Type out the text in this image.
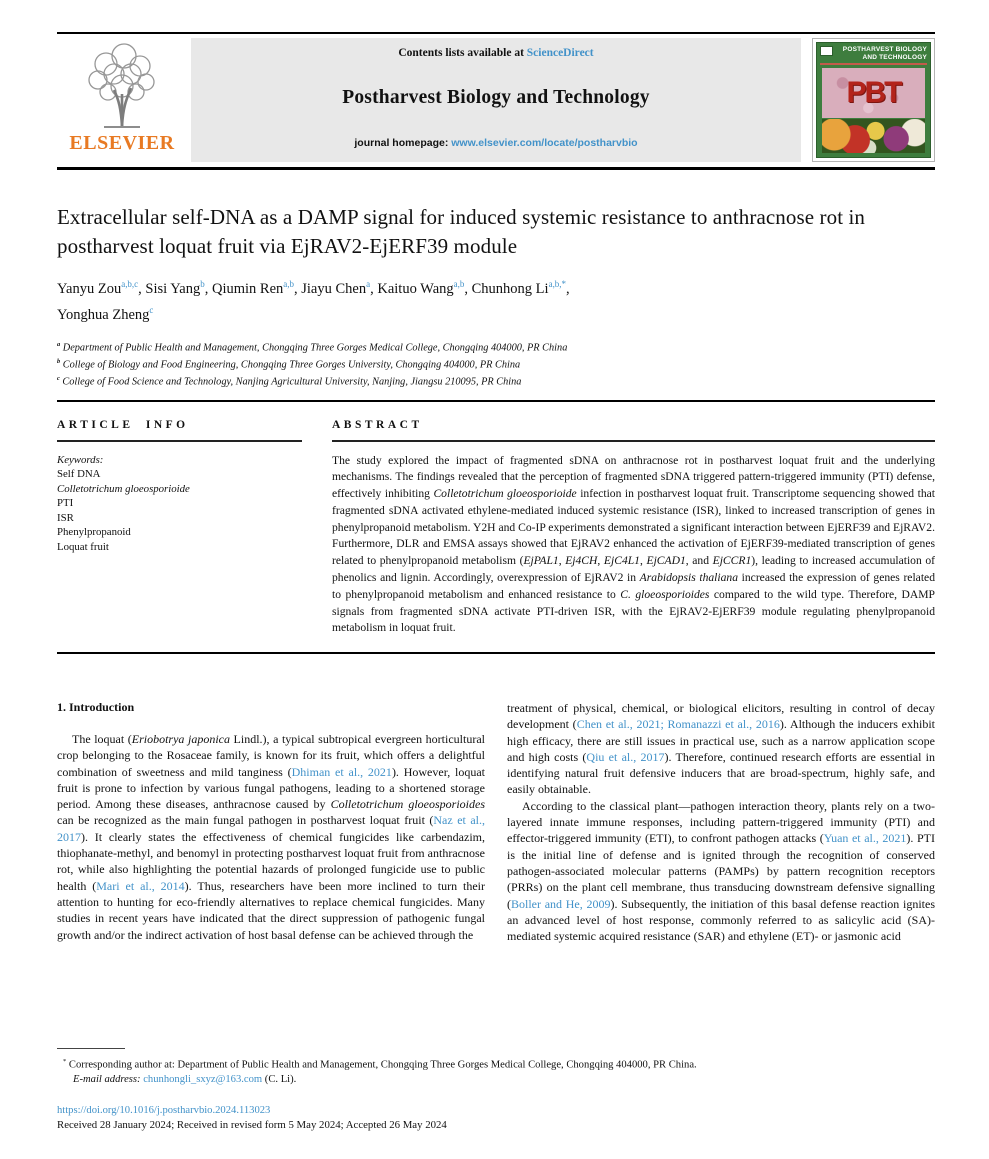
ELSEVIER
Contents lists available at ScienceDirect
Postharvest Biology and Technology
journal homepage: www.elsevier.com/locate/postharvbio
POSTHARVEST BIOLOGY AND TECHNOLOGY
PBT
Extracellular self-DNA as a DAMP signal for induced systemic resistance to anthracnose rot in postharvest loquat fruit via EjRAV2-EjERF39 module
Yanyu Zou$^{a,b,c}$, Sisi Yang$^b$, Qiumin Ren$^{a,b}$, Jiayu Chen$^a$, Kaituo Wang$^{a,b}$, Chunhong $Li^{a,b,*}$,
Yonghua Zheng$^c$
$^a$ Department of Public Health and Management, Chongqing Three Gorges Medical College, Chongqing 404000, PR China
$^b$ College of Biology and Food Engineering, Chongqing Three Gorges University, Chongqing 404000, PR China
$^c$ College of Food Science and Technology, Nanjing Agricultural University, Nanjing, Jiangsu 210095, PR China
ARTICLE INFO
Keywords:
Self DNA
Colletotrichum gloeosporioide
PTI
ISR
Phenylpropanoid
Loquat fruit
ABSTRACT
The study explored the impact of fragmented sDNA on anthracnose rot in postharvest loquat fruit and the underlying mechanisms. The findings revealed that the perception of fragmented sDNA triggered pattern-triggered immunity (PTI) defense, effectively inhibiting Colletotrichum gloeosporioide infection in postharvest loquat fruit. Transcriptome sequencing showed that fragmented sDNA activated ethylene-mediated induced systemic resistance (ISR), linked to increased transcription of genes in phenylpropanoid metabolism. Y2H and Co-IP experiments demonstrated a significant interaction between EjERF39 and EjRAV2. Furthermore, DLR and EMSA assays showed that EjRAV2 enhanced the activation of EjERF39-mediated transcription of genes related to phenylpropanoid metabolism (EjPAL1, Ej4CH, EjC4L1, EjCAD1, and EjCCR1), leading to increased accumulation of phenolics and lignin. Accordingly, overexpression of EjRAV2 in Arabidopsis thaliana increased the expression of genes related to phenylpropanoid metabolism and enhanced resistance to C. gloeosporioides compared to the wild type. Therefore, DAMP signals from fragmented sDNA activate PTI-driven ISR, with the EjRAV2-EjERF39 module regulating phenylpropanoid metabolism in loquat fruit.
1. Introduction

The loquat (Eriobotrya japonica Lindl.), a typical subtropical evergreen horticultural crop belonging to the Rosaceae family, is known for its fruit, which offers a delightful combination of sweetness and mild tanginess (Dhiman et al., 2021). However, loquat fruit is prone to infection by various fungal pathogens, leading to a shortened storage period. Among these diseases, anthracnose caused by Colletotrichum gloeosporioides can be recognized as the main fungal pathogen in postharvest loquat fruit (Naz et al., 2017). It clearly states the effectiveness of chemical fungicides like carbendazim, thiophanate-methyl, and benomyl in protecting postharvest loquat fruit from anthracnose rot, while also highlighting the potential hazards of prolonged fungicide use to public health (Mari et al., 2014). Thus, researchers have been more inclined to turn their attention to hunting for eco-friendly alternatives to replace chemical fungicides. Many studies in recent years have indicated that the direct suppression of pathogenic fungal growth and/or the indirect activation of host basal defense can be achieved through the

treatment of physical, chemical, or biological elicitors, resulting in control of decay development (Chen et al., 2021; Romanazzi et al., 2016). Although the inducers exhibit high efficacy, there are still issues in practical use, such as a narrow application scope and high costs (Qiu et al., 2017). Therefore, continued research efforts are essential in identifying natural fruit defensive inducers that are broad-spectrum, highly safe, and easily obtainable.

According to the classical plant—pathogen interaction theory, plants rely on a two-layered innate immune responses, including pattern-triggered immunity (PTI) and effector-triggered immunity (ETI), to confront pathogen attacks (Yuan et al., 2021). PTI is the initial line of defense and is ignited through the recognition of conserved pathogen-associated molecular patterns (PAMPs) by pattern recognition receptors (PRRs) on the plant cell membrane, thus transducing downstream defensive signalling (Boller and He, 2009). Subsequently, the initiation of this basal defense reaction ignites an advanced level of host response, commonly referred to as salicylic acid (SA)-mediated systemic acquired resistance (SAR) and ethylene (ET)- or jasmonic acid

* Corresponding author at: Department of Public Health and Management, Chongqing Three Gorges Medical College, Chongqing 404000, PR China.
E-mail address: chunhongli_sxyz@163.com (C. Li).
https://doi.org/10.1016/j.postharvbio.2024.113023
Received 28 January 2024; Received in revised form 5 May 2024; Accepted 26 May 2024
